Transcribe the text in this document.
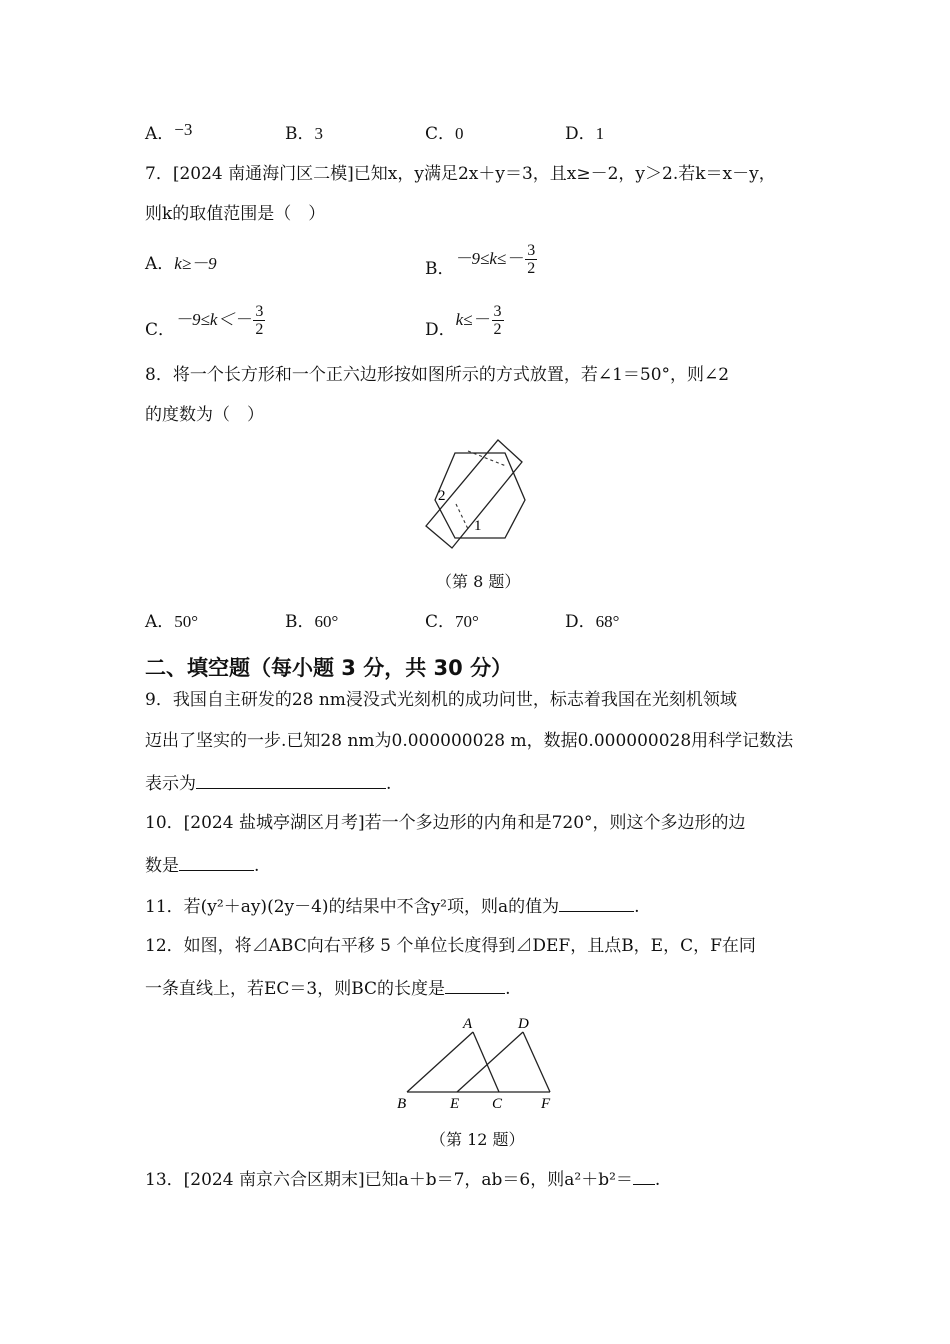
A．−3	B．3	C．0	D．1
7．[2024 南通海门区二模]已知x，y满足2x＋y＝3，且x≥－2，y＞2.若k＝x－y，
则k的取值范围是（　）
A．k≥－9	B．$-9\le k\le- \frac{3}{2}$
C．$-9\le k<- \frac{3}{2}$	D．$k\le- \frac{3}{2}$
8．将一个长方形和一个正六边形按如图所示的方式放置，若∠1＝50°，则∠2
的度数为（　）
2
1
（第 8 题）
A．50°	B．60°	C．70°	D．68°
二、填空题（每小题 3 分，共 30 分）
9．我国自主研发的28 nm浸没式光刻机的成功问世，标志着我国在光刻机领域
迈出了坚实的一步.已知28 nm为0.000000028 m，数据0.000000028用科学记数法
表示为	.
10．[2024 盐城亭湖区月考]若一个多边形的内角和是720°，则这个多边形的边
数是	.
11．若(y²＋ay)(2y－4)的结果中不含y²项，则a的值为	.
12．如图，将⊿ABC向右平移 5 个单位长度得到⊿DEF，且点B，E，C，F在同
一条直线上，若EC＝3，则BC的长度是	.
A	D
B	E C	F
（第 12 题）
13．[2024 南京六合区期末]已知a＋b＝7，ab＝6，则a²＋b²＝ .
